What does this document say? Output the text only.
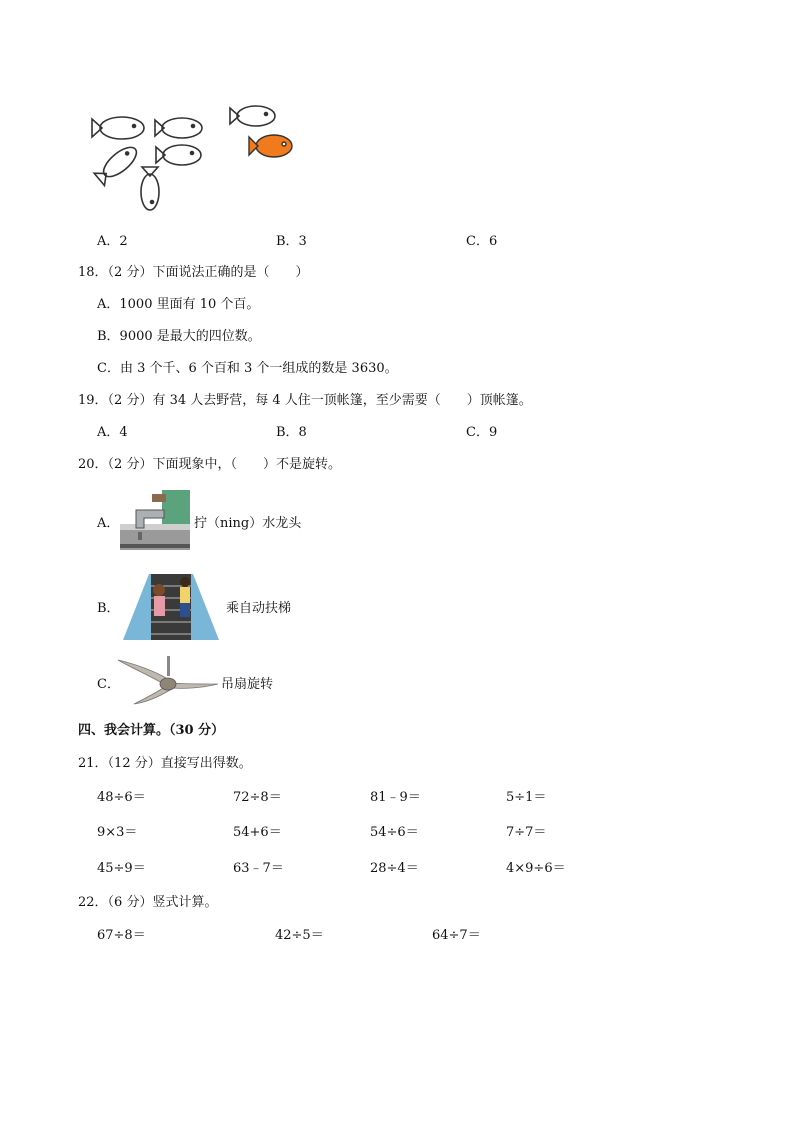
A．2	B．3	C．6
18．（2 分）下面说法正确的是（　　）
A．1000 里面有 10 个百。
B．9000 是最大的四位数。
C．由 3 个千、6 个百和 3 个一组成的数是 3630。
19．（2 分）有 34 人去野营，每 4 人住一顶帐篷，至少需要（　　）顶帐篷。
A．4	B．8	C．9
20．（2 分）下面现象中，（　　）不是旋转。
A．	拧（ning）水龙头
B．	乘自动扶梯
C．	吊扇旋转
四、我会计算。（30 分）
21．（12 分）直接写出得数。
48÷6＝	72÷8＝	81﹣9＝	5÷1＝
9×3＝	54+6＝	54÷6＝	7÷7＝
45÷9＝	63﹣7＝	28÷4＝	4×9÷6＝
22．（6 分）竖式计算。
67÷8＝	42÷5＝	64÷7＝
